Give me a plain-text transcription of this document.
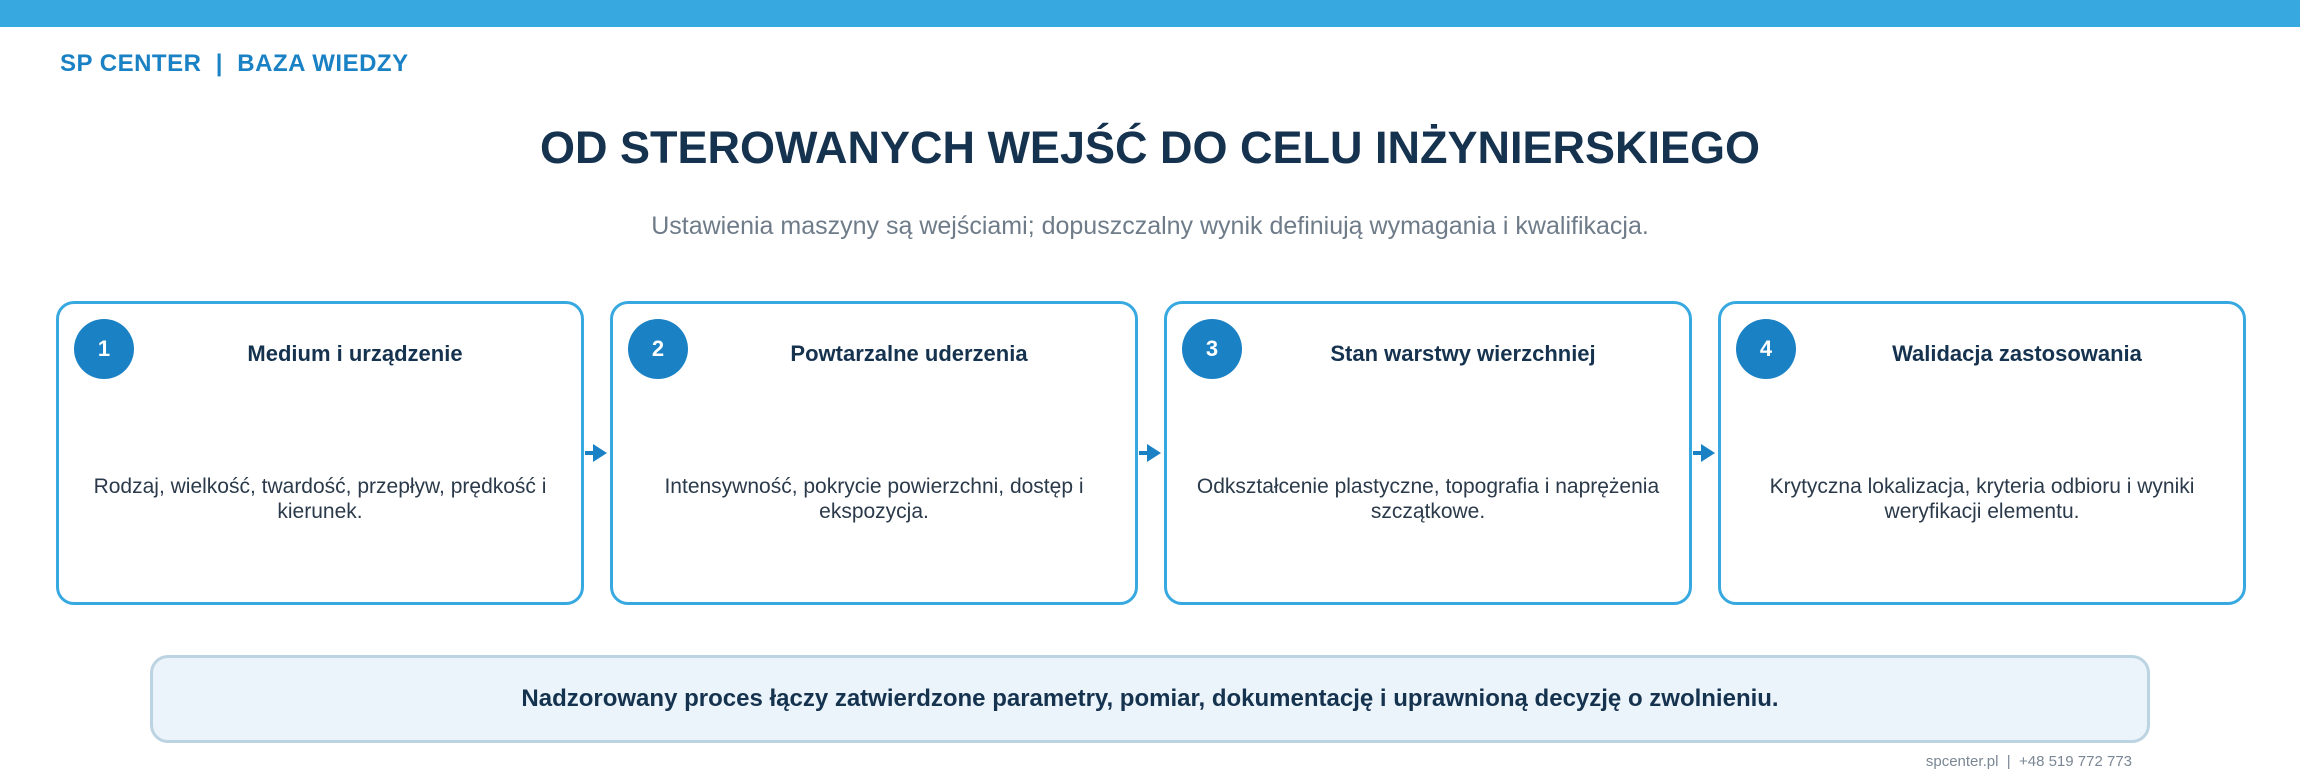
SP CENTER  |  BAZA WIEDZY
OD STEROWANYCH WEJŚĆ DO CELU INŻYNIERSKIEGO
Ustawienia maszyny są wejściami; dopuszczalny wynik definiują wymagania i kwalifikacja.
1	Medium i urządzenie
Rodzaj, wielkość, twardość, przepływ, prędkość i kierunek.
2	Powtarzalne uderzenia
Intensywność, pokrycie powierzchni, dostęp i ekspozycja.
3	Stan warstwy wierzchniej
Odkształcenie plastyczne, topografia i naprężenia szczątkowe.
4	Walidacja zastosowania
Krytyczna lokalizacja, kryteria odbioru i wyniki weryfikacji elementu.
Nadzorowany proces łączy zatwierdzone parametry, pomiar, dokumentację i uprawnioną decyzję o zwolnieniu.
spcenter.pl  |  +48 519 772 773
